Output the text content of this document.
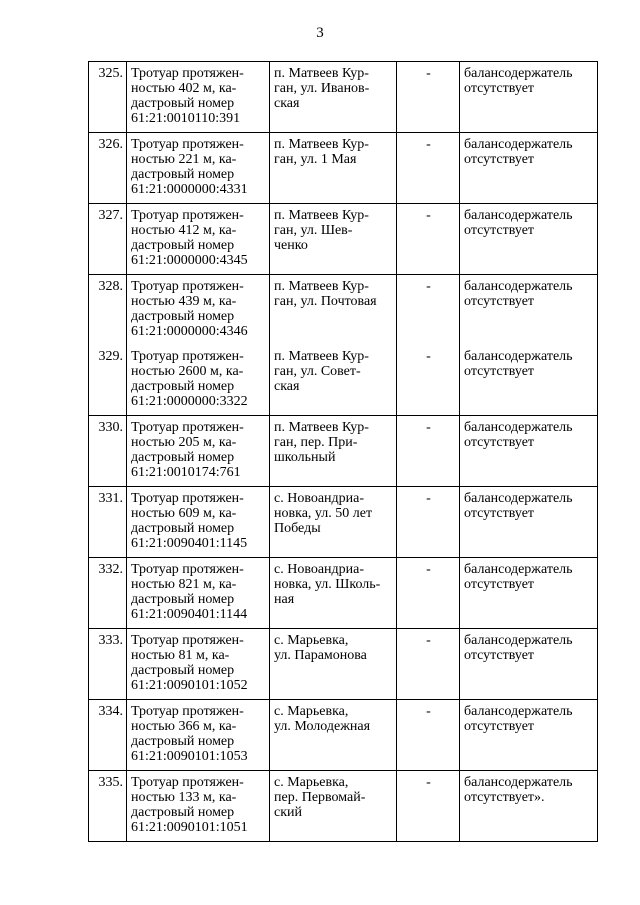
3
325.	Тротуар протяжен-
ностью 402 м, ка-
дастровый номер
61:21:0010110:391	п. Матвеев Кур-
ган, ул. Иванов-
ская	-	балансодержатель
отсутствует
326.	Тротуар протяжен-
ностью 221 м, ка-
дастровый номер
61:21:0000000:4331	п. Матвеев Кур-
ган, ул. 1 Мая	-	балансодержатель
отсутствует
327.	Тротуар протяжен-
ностью 412 м, ка-
дастровый номер
61:21:0000000:4345	п. Матвеев Кур-
ган, ул. Шев-
ченко	-	балансодержатель
отсутствует
328.	Тротуар протяжен-
ностью 439 м, ка-
дастровый номер
61:21:0000000:4346	п. Матвеев Кур-
ган, ул. Почтовая	-	балансодержатель
отсутствует
329.	Тротуар протяжен-
ностью 2600 м, ка-
дастровый номер
61:21:0000000:3322	п. Матвеев Кур-
ган, ул. Совет-
ская	-	балансодержатель
отсутствует
330.	Тротуар протяжен-
ностью 205 м, ка-
дастровый номер
61:21:0010174:761	п. Матвеев Кур-
ган, пер. При-
школьный	-	балансодержатель
отсутствует
331.	Тротуар протяжен-
ностью 609 м, ка-
дастровый номер
61:21:0090401:1145	с. Новоандриа-
новка, ул. 50 лет
Победы	-	балансодержатель
отсутствует
332.	Тротуар протяжен-
ностью 821 м, ка-
дастровый номер
61:21:0090401:1144	с. Новоандриа-
новка, ул. Школь-
ная	-	балансодержатель
отсутствует
333.	Тротуар протяжен-
ностью 81 м, ка-
дастровый номер
61:21:0090101:1052	с. Марьевка,
ул. Парамонова	-	балансодержатель
отсутствует
334.	Тротуар протяжен-
ностью 366 м, ка-
дастровый номер
61:21:0090101:1053	с. Марьевка,
ул. Молодежная	-	балансодержатель
отсутствует
335.	Тротуар протяжен-
ностью 133 м, ка-
дастровый номер
61:21:0090101:1051	с. Марьевка,
пер. Первомай-
ский	-	балансодержатель
отсутствует».
